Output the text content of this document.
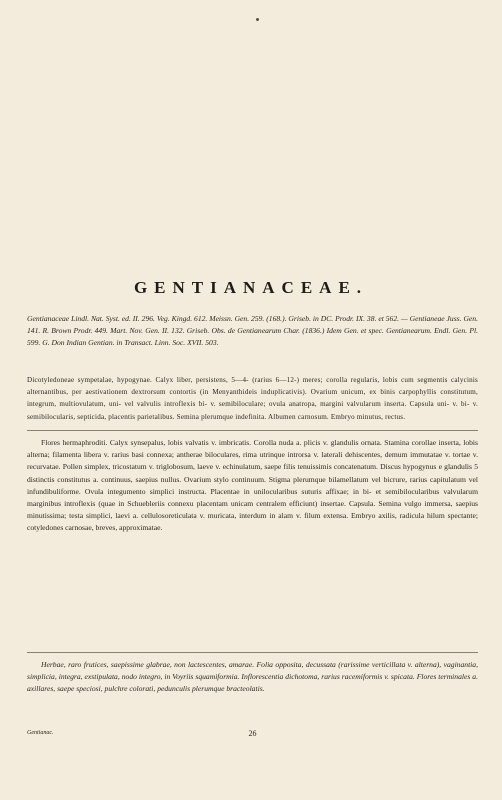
GENTIANACEAE.

Gentianaceae Lindl. Nat. Syst. ed. II. 296. Veg. Kingd. 612. Meissn. Gen. 259. (168.). Griseb. in DC. Prodr. IX. 38. et 562. — Gentianeae Juss. Gen. 141. R. Brown Prodr. 449. Mart. Nov. Gen. II. 132. Griseb. Obs. de Gentianearum Char. (1836.) Idem Gen. et spec. Gentianearum. Endl. Gen. Pl. 599. G. Don Indian Gentian. in Transact. Linn. Soc. XVII. 503.

Dicotyledoneae sympetalae, hypogynae. Calyx liber, persistens, 5—4- (rarius 6—12-) meres; corolla regularis, lobis cum segmentis calycinis alternantibus, per aestivationem dextrorsum contortis (in Menyanthideis induplicativis). Ovarium unicum, ex binis carpophyllis constitutum, integrum, multiovulatum, uni- vel valvulis introflexis bi- v. semibiloculare; ovula anatropa, margini valvularum inserta. Capsula uni- v. bi- v. semibilocularis, septicida, placentis parietalibus. Semina plerumque indefinita. Albumen carnosum. Embryo minutus, rectus.

Flores hermaphroditi. Calyx synsepalus, lobis valvatis v. imbricatis. Corolla nuda a. plicis v. glandulis ornata. Stamina corollae inserta, lobis alterna; filamenta libera v. rarius basi connexa; antherae biloculares, rima utrinque introrsa v. laterali dehiscentes, demum immutatae v. tortae v. recurvatae. Pollen simplex, tricostatum v. triglobosum, laeve v. echinulatum, saepe filis tenuissimis concatenatum. Discus hypogynus e glandulis 5 distinctis constitutus a. continuus, saepius nullus. Ovarium stylo continuum. Stigma plerumque bilamellatum vel bicrure, rarius capitulatum vel infundibuliforme. Ovula integumento simplici instructa. Placentae in unilocularibus suturis affixae; in bi- et semibilocularibus valvularum marginibus introflexis (quae in Schuebleriis connexu placentam unicam centralem efficiunt) insertae. Capsula. Semina vulgo immersa, saepius minutissima; testa simplici, laevi a. cellulosoreticulata v. muricata, interdum in alam v. filum extensa. Embryo axilis, radicula hilum spectante; cotyledones carnosae, breves, approximatae.

Herbae, raro frutices, saepissime glabrae, non lactescentes, amarae. Folia opposita, decussata (rarissime verticillata v. alterna), vaginantia, simplicia, integra, exstipulata, nodo integro, in Voyriis squamiformia. Inflorescentia dichotoma, rarius racemiformis v. spicata. Flores terminales a. axillares, saepe speciosi, pulchre colorati, pedunculis plerumque bracteolatis.

Gentianac.	26
